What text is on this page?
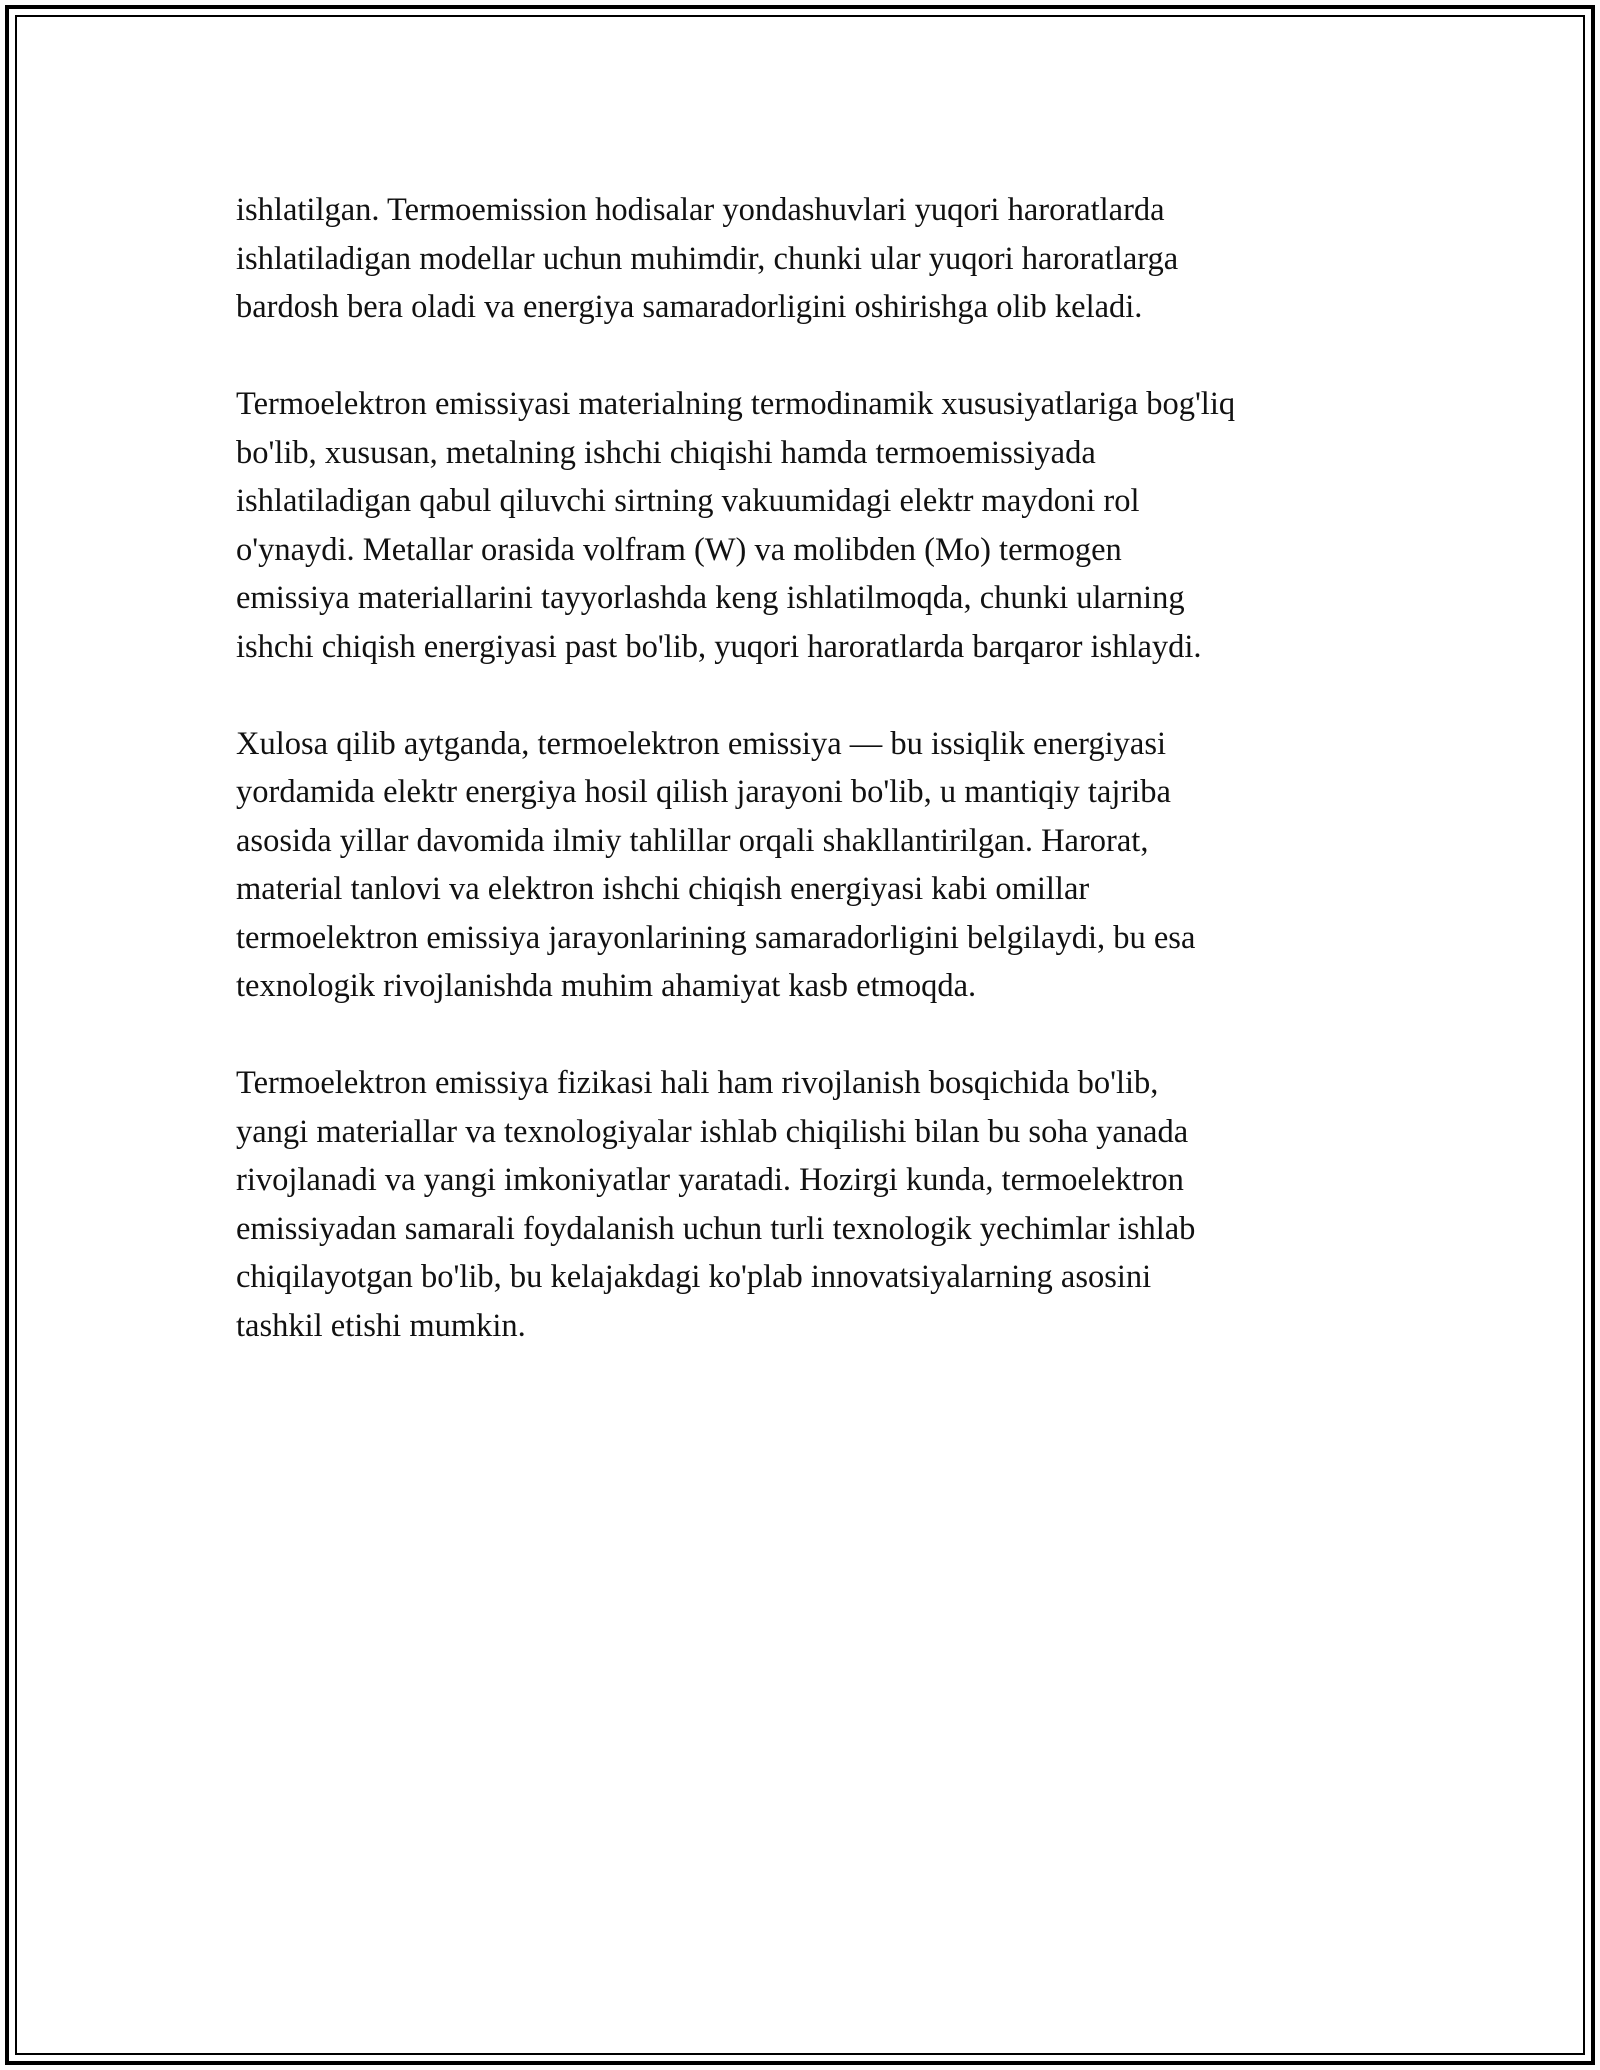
ishlatilgan. Termoemission hodisalar yondashuvlari yuqori haroratlarda
ishlatiladigan modellar uchun muhimdir, chunki ular yuqori haroratlarga
bardosh bera oladi va energiya samaradorligini oshirishga olib keladi.

Termoelektron emissiyasi materialning termodinamik xususiyatlariga bog'liq
bo'lib, xususan, metalning ishchi chiqishi hamda termoemissiyada
ishlatiladigan qabul qiluvchi sirtning vakuumidagi elektr maydoni rol
o'ynaydi. Metallar orasida volfram (W) va molibden (Mo) termogen
emissiya materiallarini tayyorlashda keng ishlatilmoqda, chunki ularning
ishchi chiqish energiyasi past bo'lib, yuqori haroratlarda barqaror ishlaydi.

Xulosa qilib aytganda, termoelektron emissiya — bu issiqlik energiyasi
yordamida elektr energiya hosil qilish jarayoni bo'lib, u mantiqiy tajriba
asosida yillar davomida ilmiy tahlillar orqali shakllantirilgan. Harorat,
material tanlovi va elektron ishchi chiqish energiyasi kabi omillar
termoelektron emissiya jarayonlarining samaradorligini belgilaydi, bu esa
texnologik rivojlanishda muhim ahamiyat kasb etmoqda.

Termoelektron emissiya fizikasi hali ham rivojlanish bosqichida bo'lib,
yangi materiallar va texnologiyalar ishlab chiqilishi bilan bu soha yanada
rivojlanadi va yangi imkoniyatlar yaratadi. Hozirgi kunda, termoelektron
emissiyadan samarali foydalanish uchun turli texnologik yechimlar ishlab
chiqilayotgan bo'lib, bu kelajakdagi ko'plab innovatsiyalarning asosini
tashkil etishi mumkin.
